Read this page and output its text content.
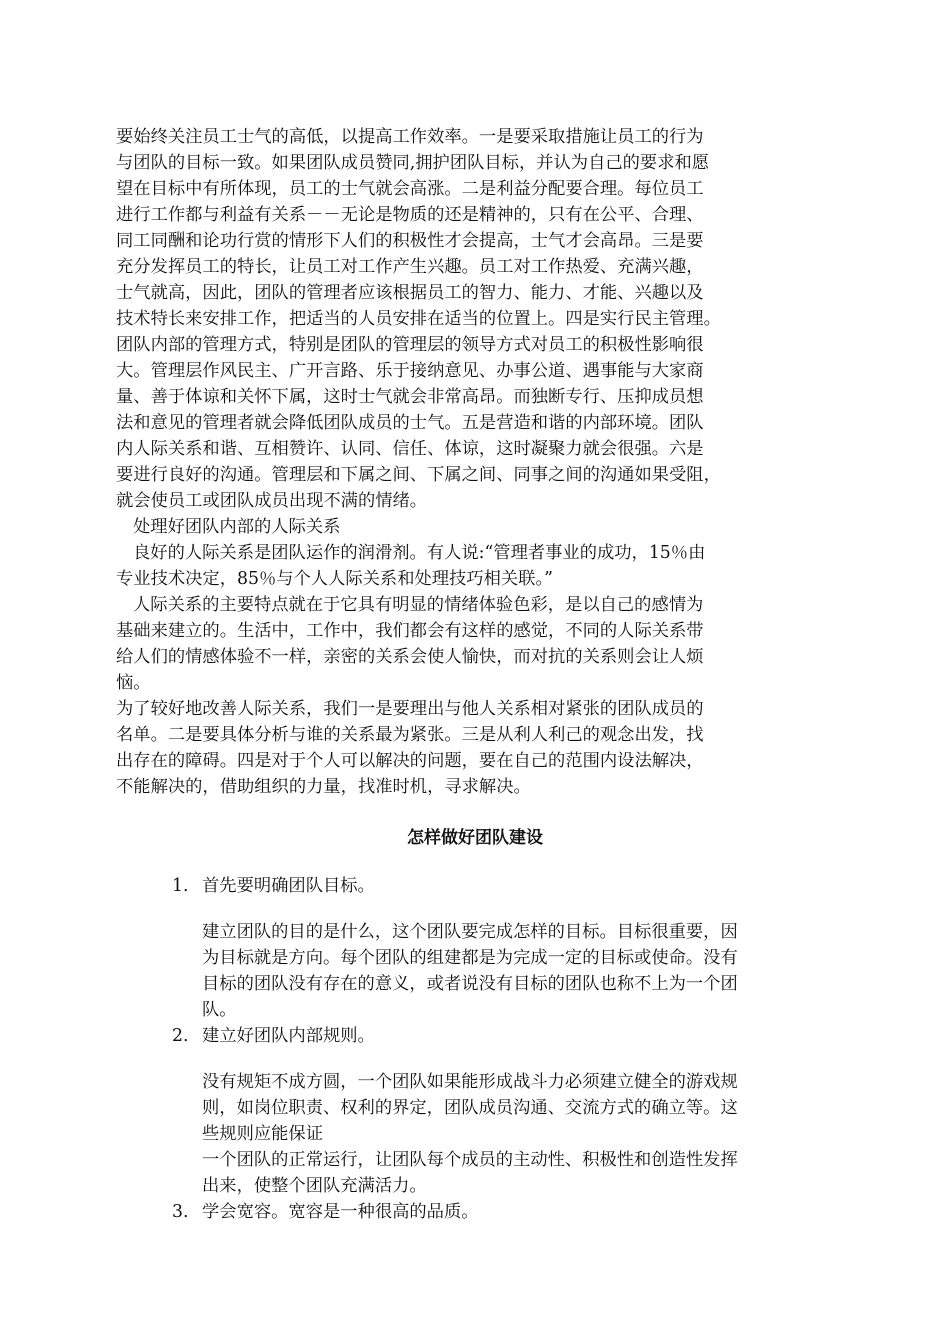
要始终关注员工士气的高低，以提高工作效率。一是要采取措施让员工的行为
与团队的目标一致。如果团队成员赞同,拥护团队目标，并认为自己的要求和愿
望在目标中有所体现，员工的士气就会高涨。二是利益分配要合理。每位员工
进行工作都与利益有关系－－无论是物质的还是精神的，只有在公平、合理、
同工同酬和论功行赏的情形下人们的积极性才会提高，士气才会高昂。三是要
充分发挥员工的特长，让员工对工作产生兴趣。员工对工作热爱、充满兴趣，
士气就高，因此，团队的管理者应该根据员工的智力、能力、才能、兴趣以及
技术特长来安排工作，把适当的人员安排在适当的位置上。四是实行民主管理。
团队内部的管理方式，特别是团队的管理层的领导方式对员工的积极性影响很
大。管理层作风民主、广开言路、乐于接纳意见、办事公道、遇事能与大家商
量、善于体谅和关怀下属，这时士气就会非常高昂。而独断专行、压抑成员想
法和意见的管理者就会降低团队成员的士气。五是营造和谐的内部环境。团队
内人际关系和谐、互相赞许、认同、信任、体谅，这时凝聚力就会很强。六是
要进行良好的沟通。管理层和下属之间、下属之间、同事之间的沟通如果受阻，
就会使员工或团队成员出现不满的情绪。
处理好团队内部的人际关系
良好的人际关系是团队运作的润滑剂。有人说:“管理者事业的成功，15％由
专业技术决定，85％与个人人际关系和处理技巧相关联。”
人际关系的主要特点就在于它具有明显的情绪体验色彩，是以自己的感情为
基础来建立的。生活中，工作中，我们都会有这样的感觉，不同的人际关系带
给人们的情感体验不一样，亲密的关系会使人愉快，而对抗的关系则会让人烦
恼。
为了较好地改善人际关系，我们一是要理出与他人关系相对紧张的团队成员的
名单。二是要具体分析与谁的关系最为紧张。三是从利人利己的观念出发，找
出存在的障碍。四是对于个人可以解决的问题，要在自己的范围内设法解决，
不能解决的，借助组织的力量，找准时机，寻求解决。
怎样做好团队建设
1. 首先要明确团队目标。
建立团队的目的是什么，这个团队要完成怎样的目标。目标很重要，因
为目标就是方向。每个团队的组建都是为完成一定的目标或使命。没有
目标的团队没有存在的意义，或者说没有目标的团队也称不上为一个团
队。
2. 建立好团队内部规则。
没有规矩不成方圆，一个团队如果能形成战斗力必须建立健全的游戏规
则，如岗位职责、权利的界定，团队成员沟通、交流方式的确立等。这
些规则应能保证
一个团队的正常运行，让团队每个成员的主动性、积极性和创造性发挥
出来，使整个团队充满活力。
3. 学会宽容。宽容是一种很高的品质。
